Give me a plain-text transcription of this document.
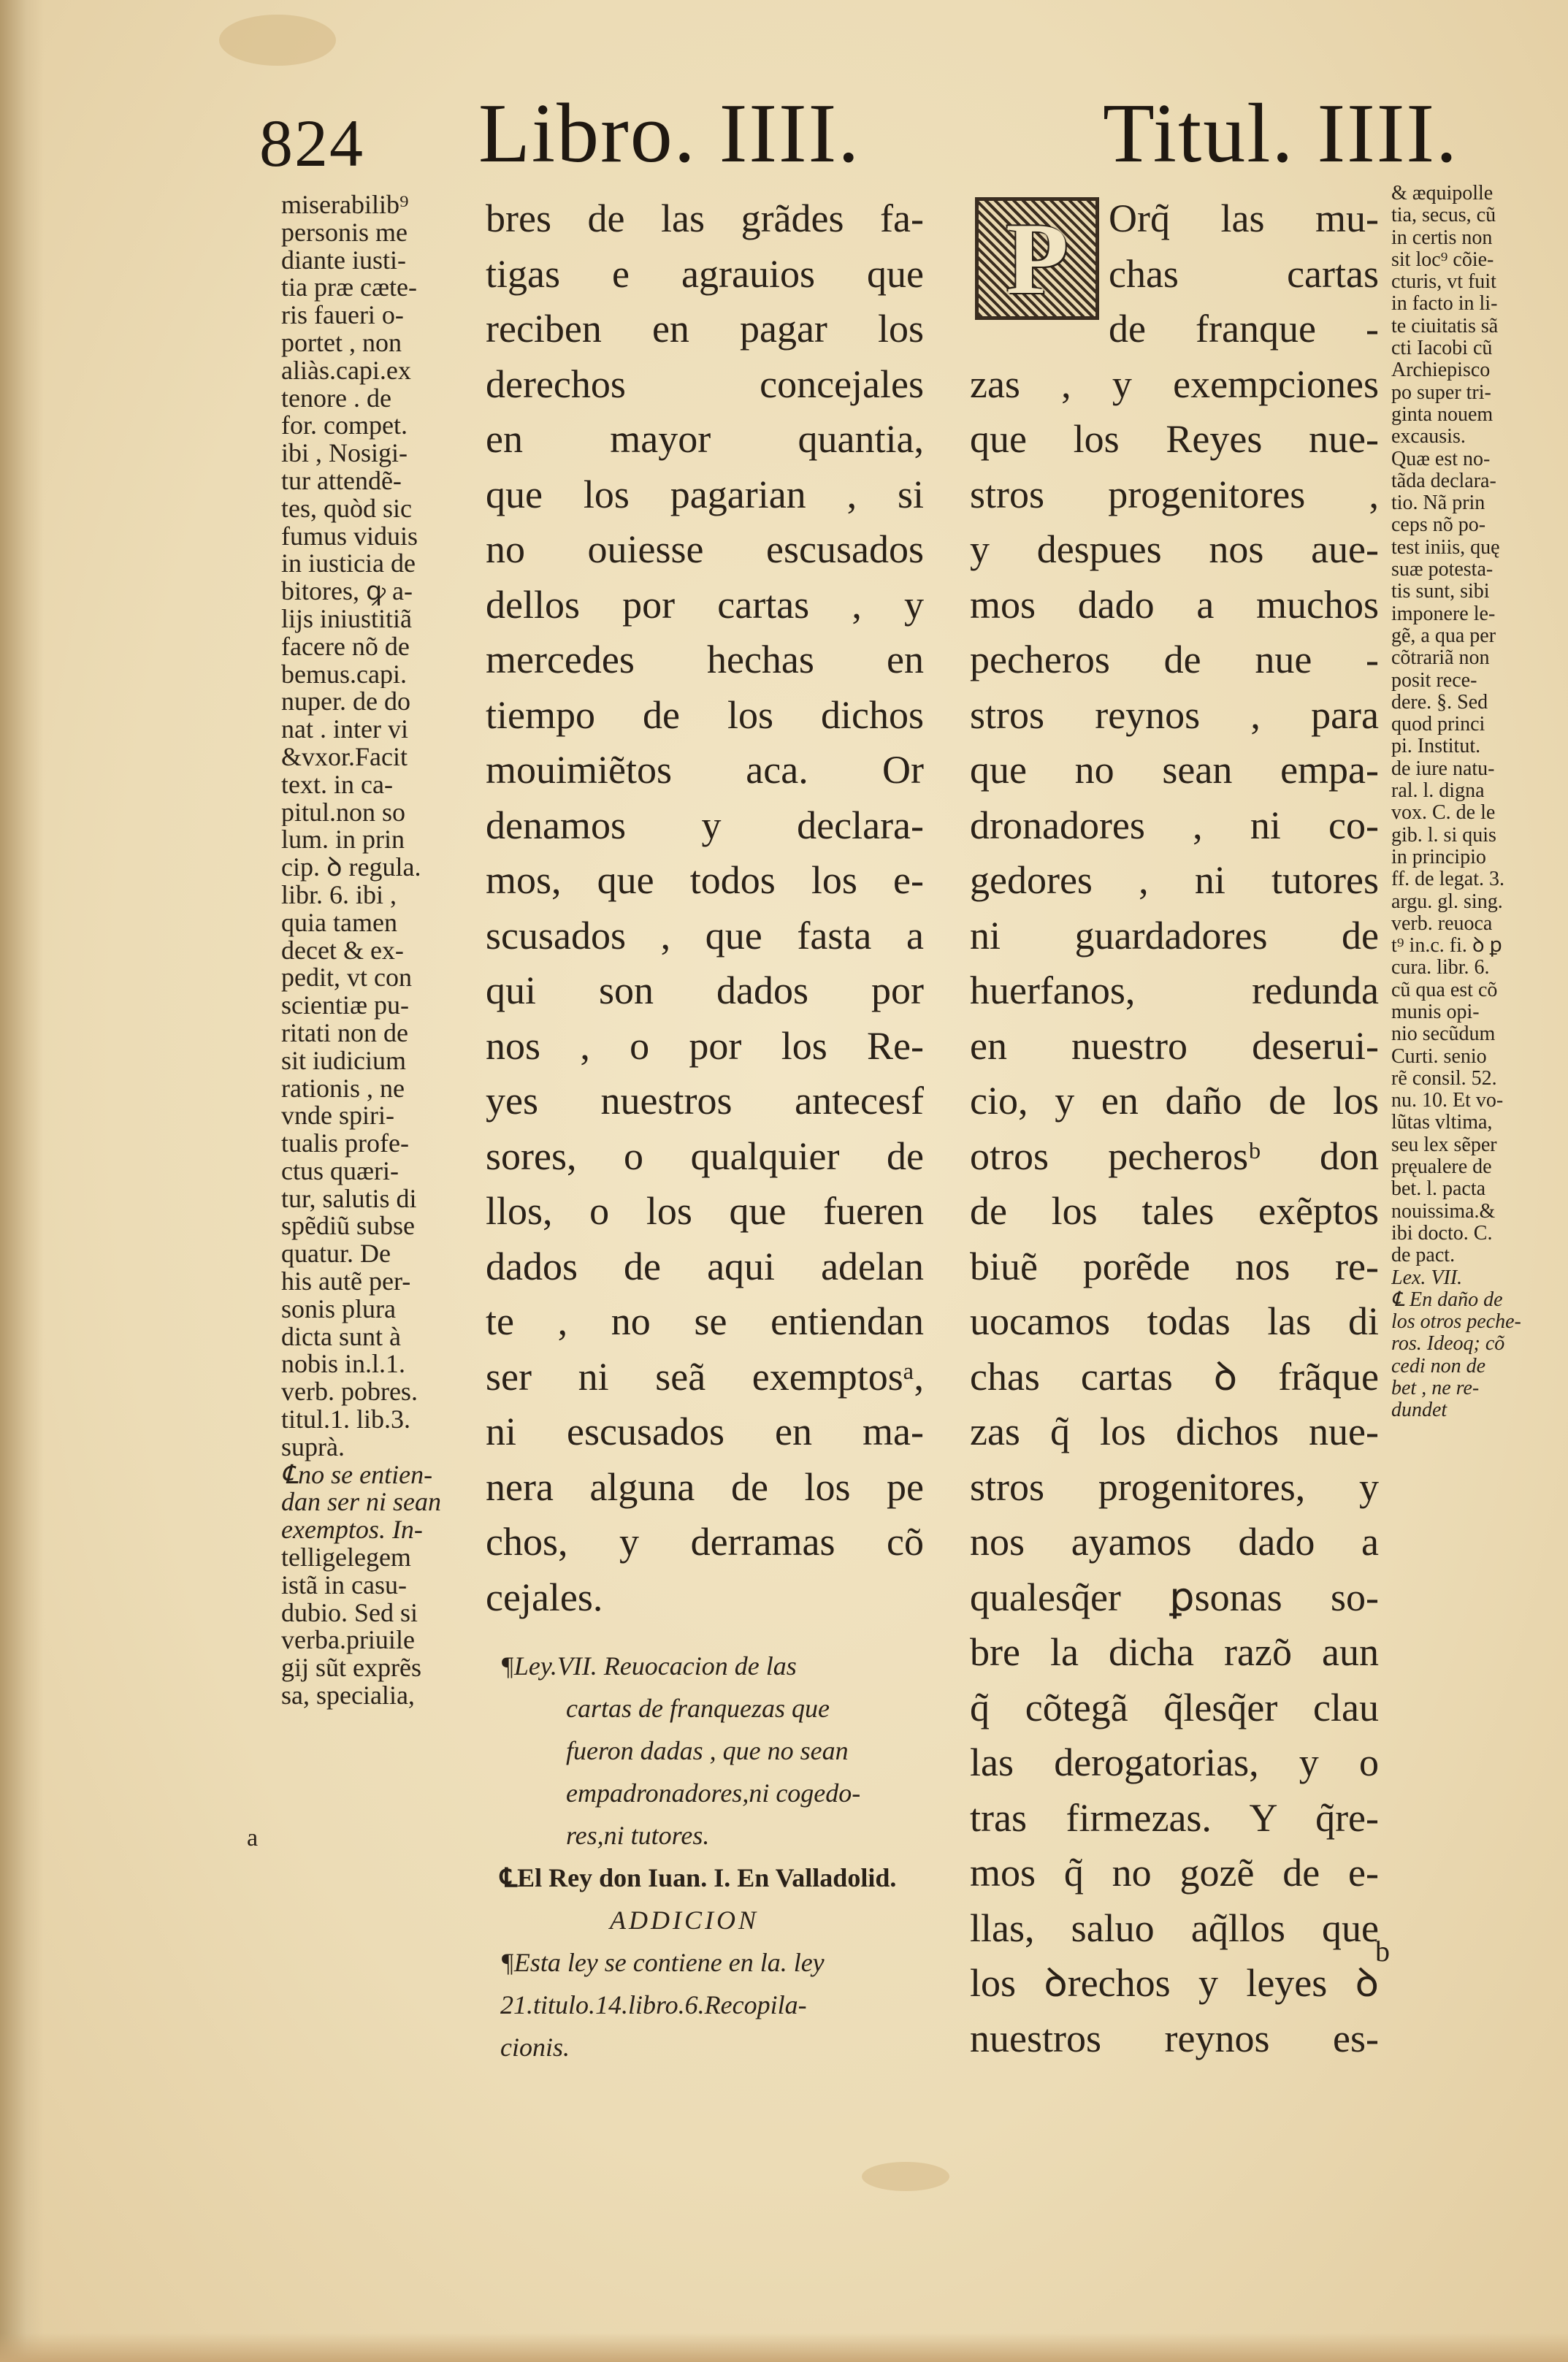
824 Libro. IIII.	Titul. IIII.
miserabilib⁹
personis me
diante iusti-
tia præ cæte-
ris faueri o-
portet , non
aliàs.capi.ex
tenore . de
for. compet.
ibi , Nosigi-
tur attendẽ-
tes, quòd sic
fumus viduis
in iusticia de
bitores, ꝙ a-
lijs iniustitiã
facere nõ de
bemus.capi.
nuper. de do
nat . inter vi
&vxor.Facit
text. in ca-
pitul.non so
lum. in prin
cip. ꝺ regula.
libr. 6. ibi ,
quia tamen
decet & ex-
pedit, vt con
scientiæ pu-
ritati non de
sit iudicium
rationis , ne
vnde spiri-
tualis profe-
ctus quæri-
tur, salutis di
spẽdiũ subse
quatur. De
his autẽ per-
sonis plura
dicta sunt à
nobis in.l.1.
verb. pobres.
titul.1. lib.3.
suprà.
℄no se entien-
dan ser ni sean
exemptos. In-
telligelegem
istã in casu-
dubio. Sed si
verba.priuile
gij sũt exprẽs
sa, specialia,
a
bres de las grãdes fa-
tigas e agrauios que
reciben en pagar los
derechos concejales
en mayor quantia,
que los pagarian , si
no ouiesse escusados
dellos por cartas , y
mercedes hechas en
tiempo de los dichos
mouimiẽtos aca. Or
denamos y declara-
mos, que todos los e-
scusados , que fasta a
qui son dados por
nos , o por los Re-
yes nuestros antecesf
sores, o qualquier de
llos, o los que fueren
dados de aqui adelan
te , no se entiendan
ser ni seã exemptosᵃ,
ni escusados en ma-
nera alguna de los pe
chos, y derramas cõ
cejales.
¶Ley.VII. Reuocacion de las
cartas de franquezas que
fueron dadas , que no sean
empadronadores,ni cogedo-
res,ni tutores.
℄El Rey don Iuan. I. En Valladolid.
ADDICION
¶Esta ley se contiene en la. ley
21.titulo.14.libro.6.Recopila-
cionis.
P	Orq̃ las mu-
chas cartas
de franque -
zas , y exempciones
que los Reyes nue-
stros progenitores ,
y despues nos aue-
mos dado a muchos
pecheros de nue -
stros reynos , para
que no sean empa-
dronadores , ni co-
gedores , ni tutores
ni guardadores de
huerfanos, redunda
en nuestro deserui-
cio, y en daño de los
otros pecherosᵇ don
de los tales exẽptos
biuẽ porẽde nos re-
uocamos todas las di
chas cartas ꝺ frãque
zas q̃ los dichos nue-
stros progenitores, y
nos ayamos dado a
qualesq̃er ꝑsonas so-
bre la dicha razõ aun
q̃ cõtegã q̃lesq̃er clau
las derogatorias, y o
tras firmezas. Y q̃re-
mos q̃ no gozẽ de e-
llas, saluo aq̃llos que
los ꝺrechos y leyes ꝺ
nuestros reynos es-
b
& æquipolle
tia, secus, cũ
in certis non
sit loc⁹ cõie-
cturis, vt fuit
in facto in li-
te ciuitatis sã
cti Iacobi cũ
Archiepisco
po super tri-
ginta nouem
excausis.
Quæ est no-
tãda declara-
tio. Nã prin
ceps nõ po-
test iniis, quę
suæ potesta-
tis sunt, sibi
imponere le-
gẽ, a qua per
cõtrariã non
posit rece-
dere. §. Sed
quod princi
pi. Institut.
de iure natu-
ral. l. digna
vox. C. de le
gib. l. si quis
in principio
ff. de legat. 3.
argu. gl. sing.
verb. reuoca
t⁹ in.c. fi. ꝺ ꝑ
cura. libr. 6.
cũ qua est cõ
munis opi-
nio secũdum
Curti. senio
rẽ consil. 52.
nu. 10. Et vo-
lũtas vltima,
seu lex sẽper
pręualere de
bet. l. pacta
nouissima.&
ibi docto. C.
de pact.
Lex. VII.
℄ En daño de
los otros peche-
ros. Ideoq; cõ
cedi non de
bet , ne re-
dundet
